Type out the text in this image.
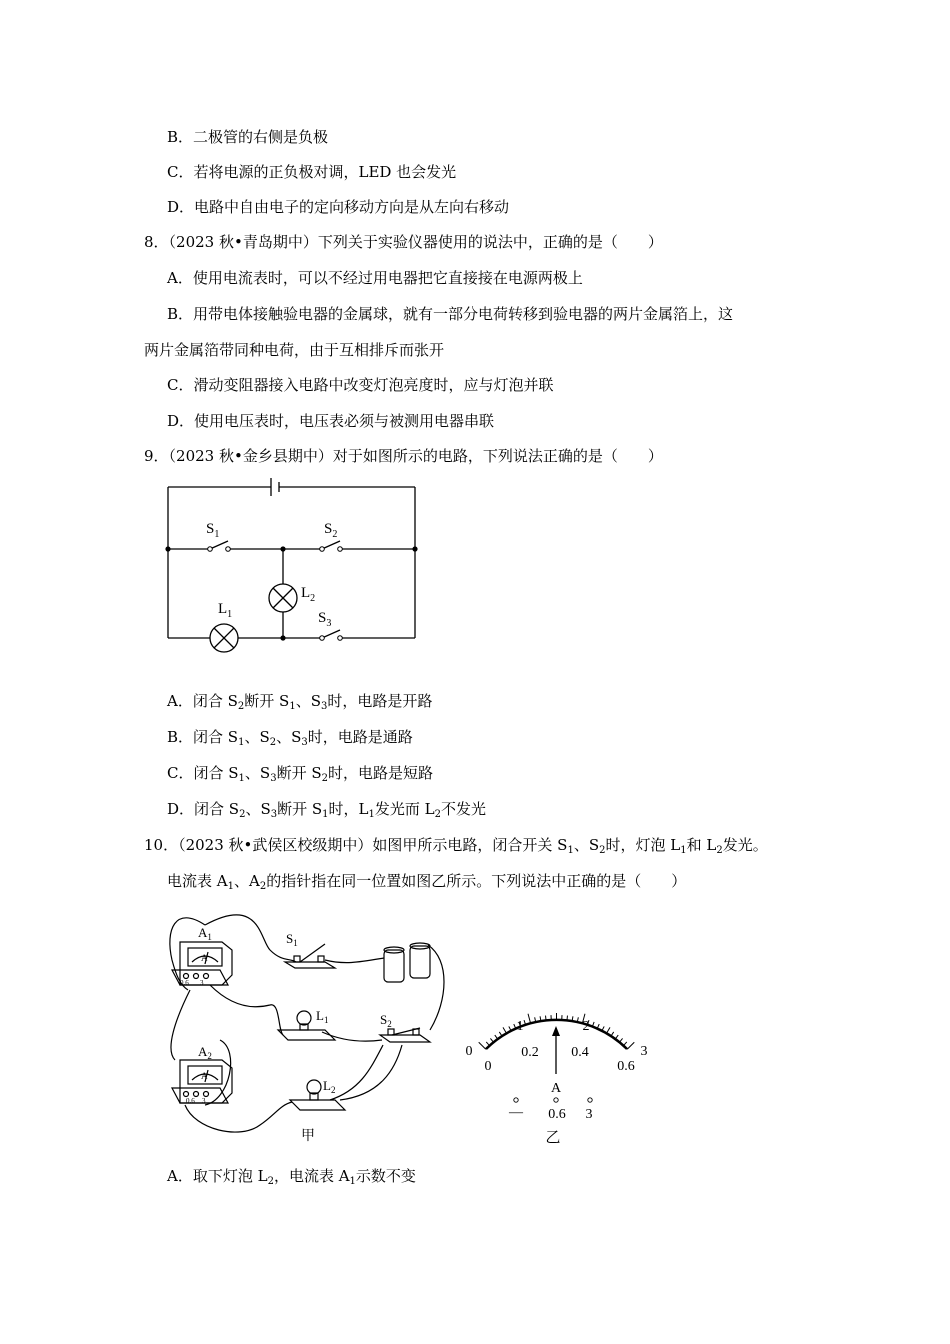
B．二极管的右侧是负极
C．若将电源的正负极对调，LED 也会发光
D．电路中自由电子的定向移动方向是从左向右移动
8．（2023 秋•青岛期中）下列关于实验仪器使用的说法中，正确的是（　　）
A．使用电流表时，可以不经过用电器把它直接接在电源两极上
B．用带电体接触验电器的金属球，就有一部分电荷转移到验电器的两片金属箔上，这
两片金属箔带同种电荷，由于互相排斥而张开
C．滑动变阻器接入电路中改变灯泡亮度时，应与灯泡并联
D．使用电压表时，电压表必须与被测用电器串联
9．（2023 秋•金乡县期中）对于如图所示的电路，下列说法正确的是（　　）
$S_1$	$S_2$
$L_2$
$L_1$	$S_3$
A．闭合 $S_2$断开 $S_1$、$S_3$时，电路是开路
B．闭合 $S_1$、$S_2$、$S_3$时，电路是通路
C．闭合 $S_1$、$S_3$断开 $S_2$时，电路是短路
D．闭合 $S_2$、$S_3$断开 $S_1$时，$L_1$发光而 $L_2$不发光
10．（2023 秋•武侯区校级期中）如图甲所示电路，闭合开关 $S_1$、$S_2$时，灯泡 $L_1$和 $L_2$发光。
电流表 $A_1$、$A_2$的指针指在同一位置如图乙所示。下列说法中正确的是（　　）
$A_1$
A
0.6 3
$S_1$
$L_1$	$S_2$
$A_2$
A
0.6 3
$L_2$
甲
0
1	2
3
0
0.2 0.4
0.6
A
— 0.6 3
乙
A．取下灯泡 $L_2$，电流表 $A_1$示数不变
